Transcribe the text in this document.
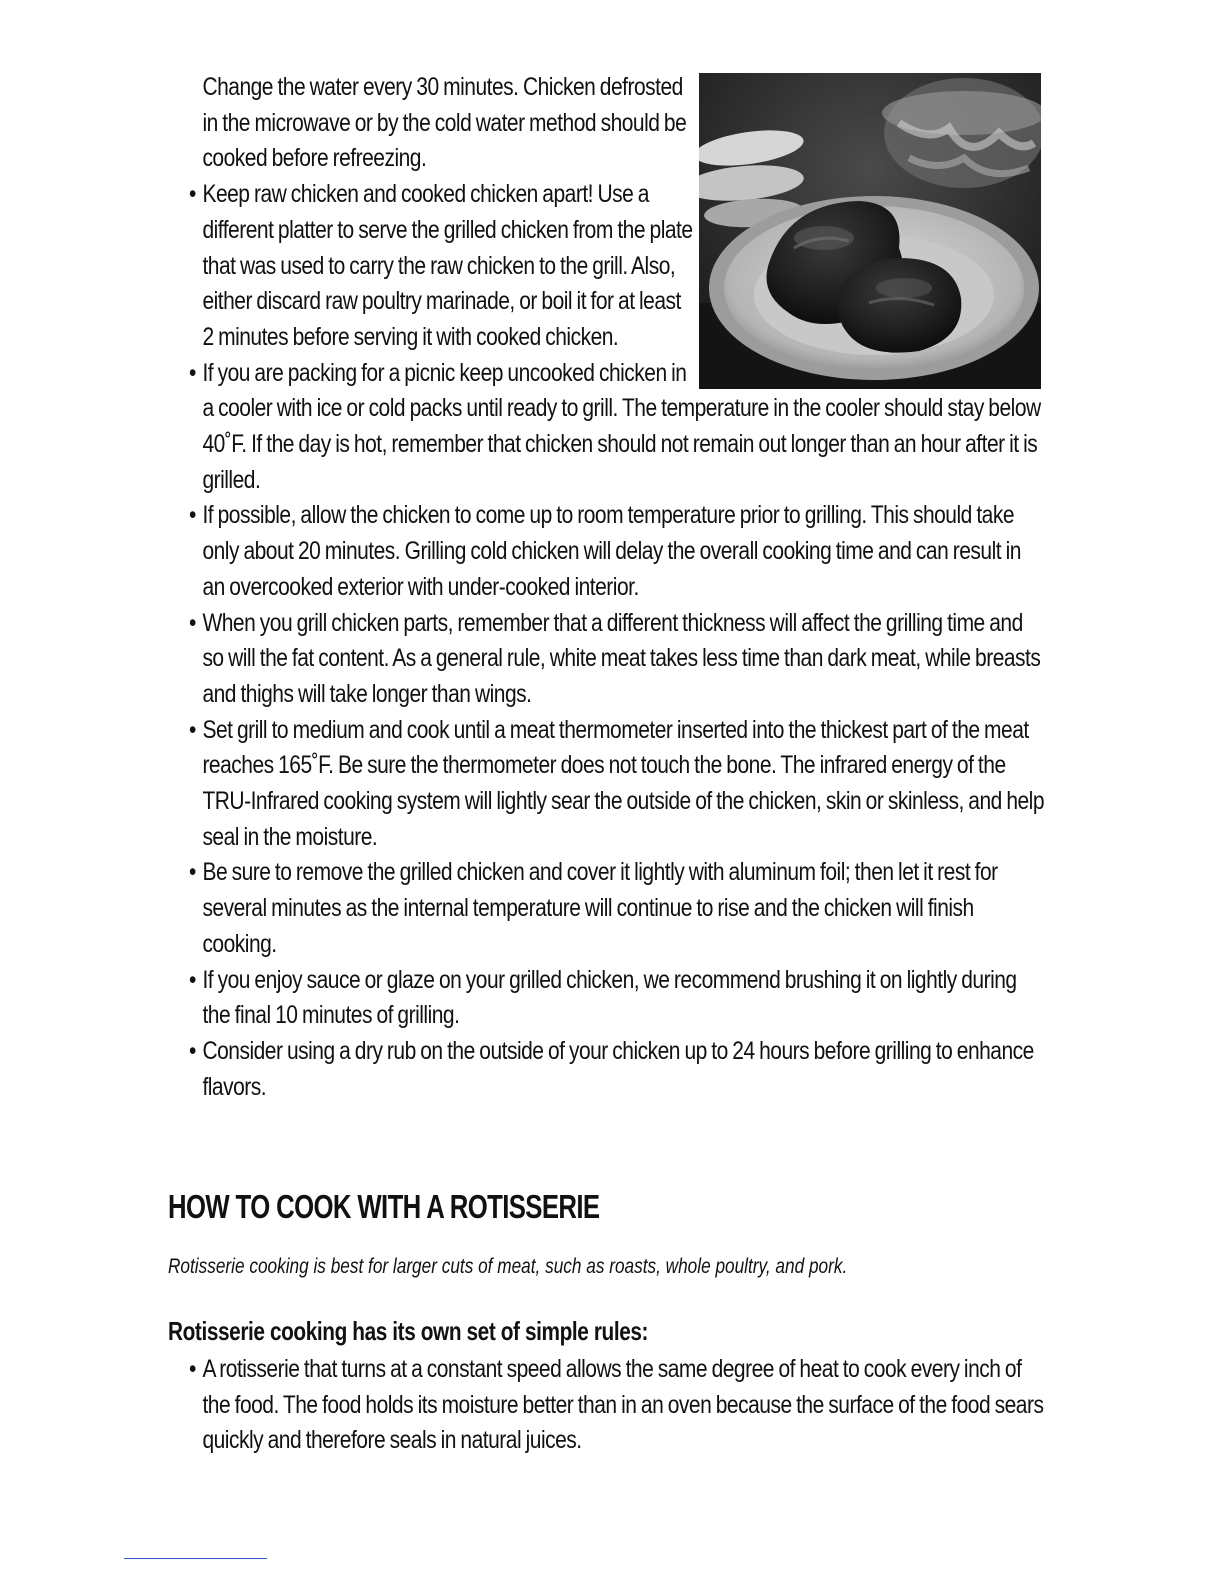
Change the water every 30 minutes. Chicken defrosted in the microwave or by the cold water method should be cooked before refreezing.

• Keep raw chicken and cooked chicken apart! Use a different platter to serve the grilled chicken from the plate that was used to carry the raw chicken to the grill. Also, either discard raw poultry marinade, or boil it for at least 2 minutes before serving it with cooked chicken.

• If you are packing for a picnic keep uncooked chicken in a cooler with ice or cold packs until ready to grill. The temperature in the cooler should stay below 40˚F. If the day is hot, remember that chicken should not remain out longer than an hour after it is grilled.

• If possible, allow the chicken to come up to room temperature prior to grilling. This should take only about 20 minutes. Grilling cold chicken will delay the overall cooking time and can result in an overcooked exterior with under-cooked interior.

• When you grill chicken parts, remember that a different thickness will affect the grilling time and so will the fat content. As a general rule, white meat takes less time than dark meat, while breasts and thighs will take longer than wings.

• Set grill to medium and cook until a meat thermometer inserted into the thickest part of the meat reaches 165˚F. Be sure the thermometer does not touch the bone. The infrared energy of the TRU-Infrared cooking system will lightly sear the outside of the chicken, skin or skinless, and help seal in the moisture.

• Be sure to remove the grilled chicken and cover it lightly with aluminum foil; then let it rest for several minutes as the internal temperature will continue to rise and the chicken will finish cooking.

• If you enjoy sauce or glaze on your grilled chicken, we recommend brushing it on lightly during the final 10 minutes of grilling.

• Consider using a dry rub on the outside of your chicken up to 24 hours before grilling to enhance flavors.

HOW TO COOK WITH A ROTISSERIE

Rotisserie cooking is best for larger cuts of meat, such as roasts, whole poultry, and pork.

Rotisserie cooking has its own set of simple rules:

• A rotisserie that turns at a constant speed allows the same degree of heat to cook every inch of the food. The food holds its moisture better than in an oven because the surface of the food sears quickly and therefore seals in natural juices.
